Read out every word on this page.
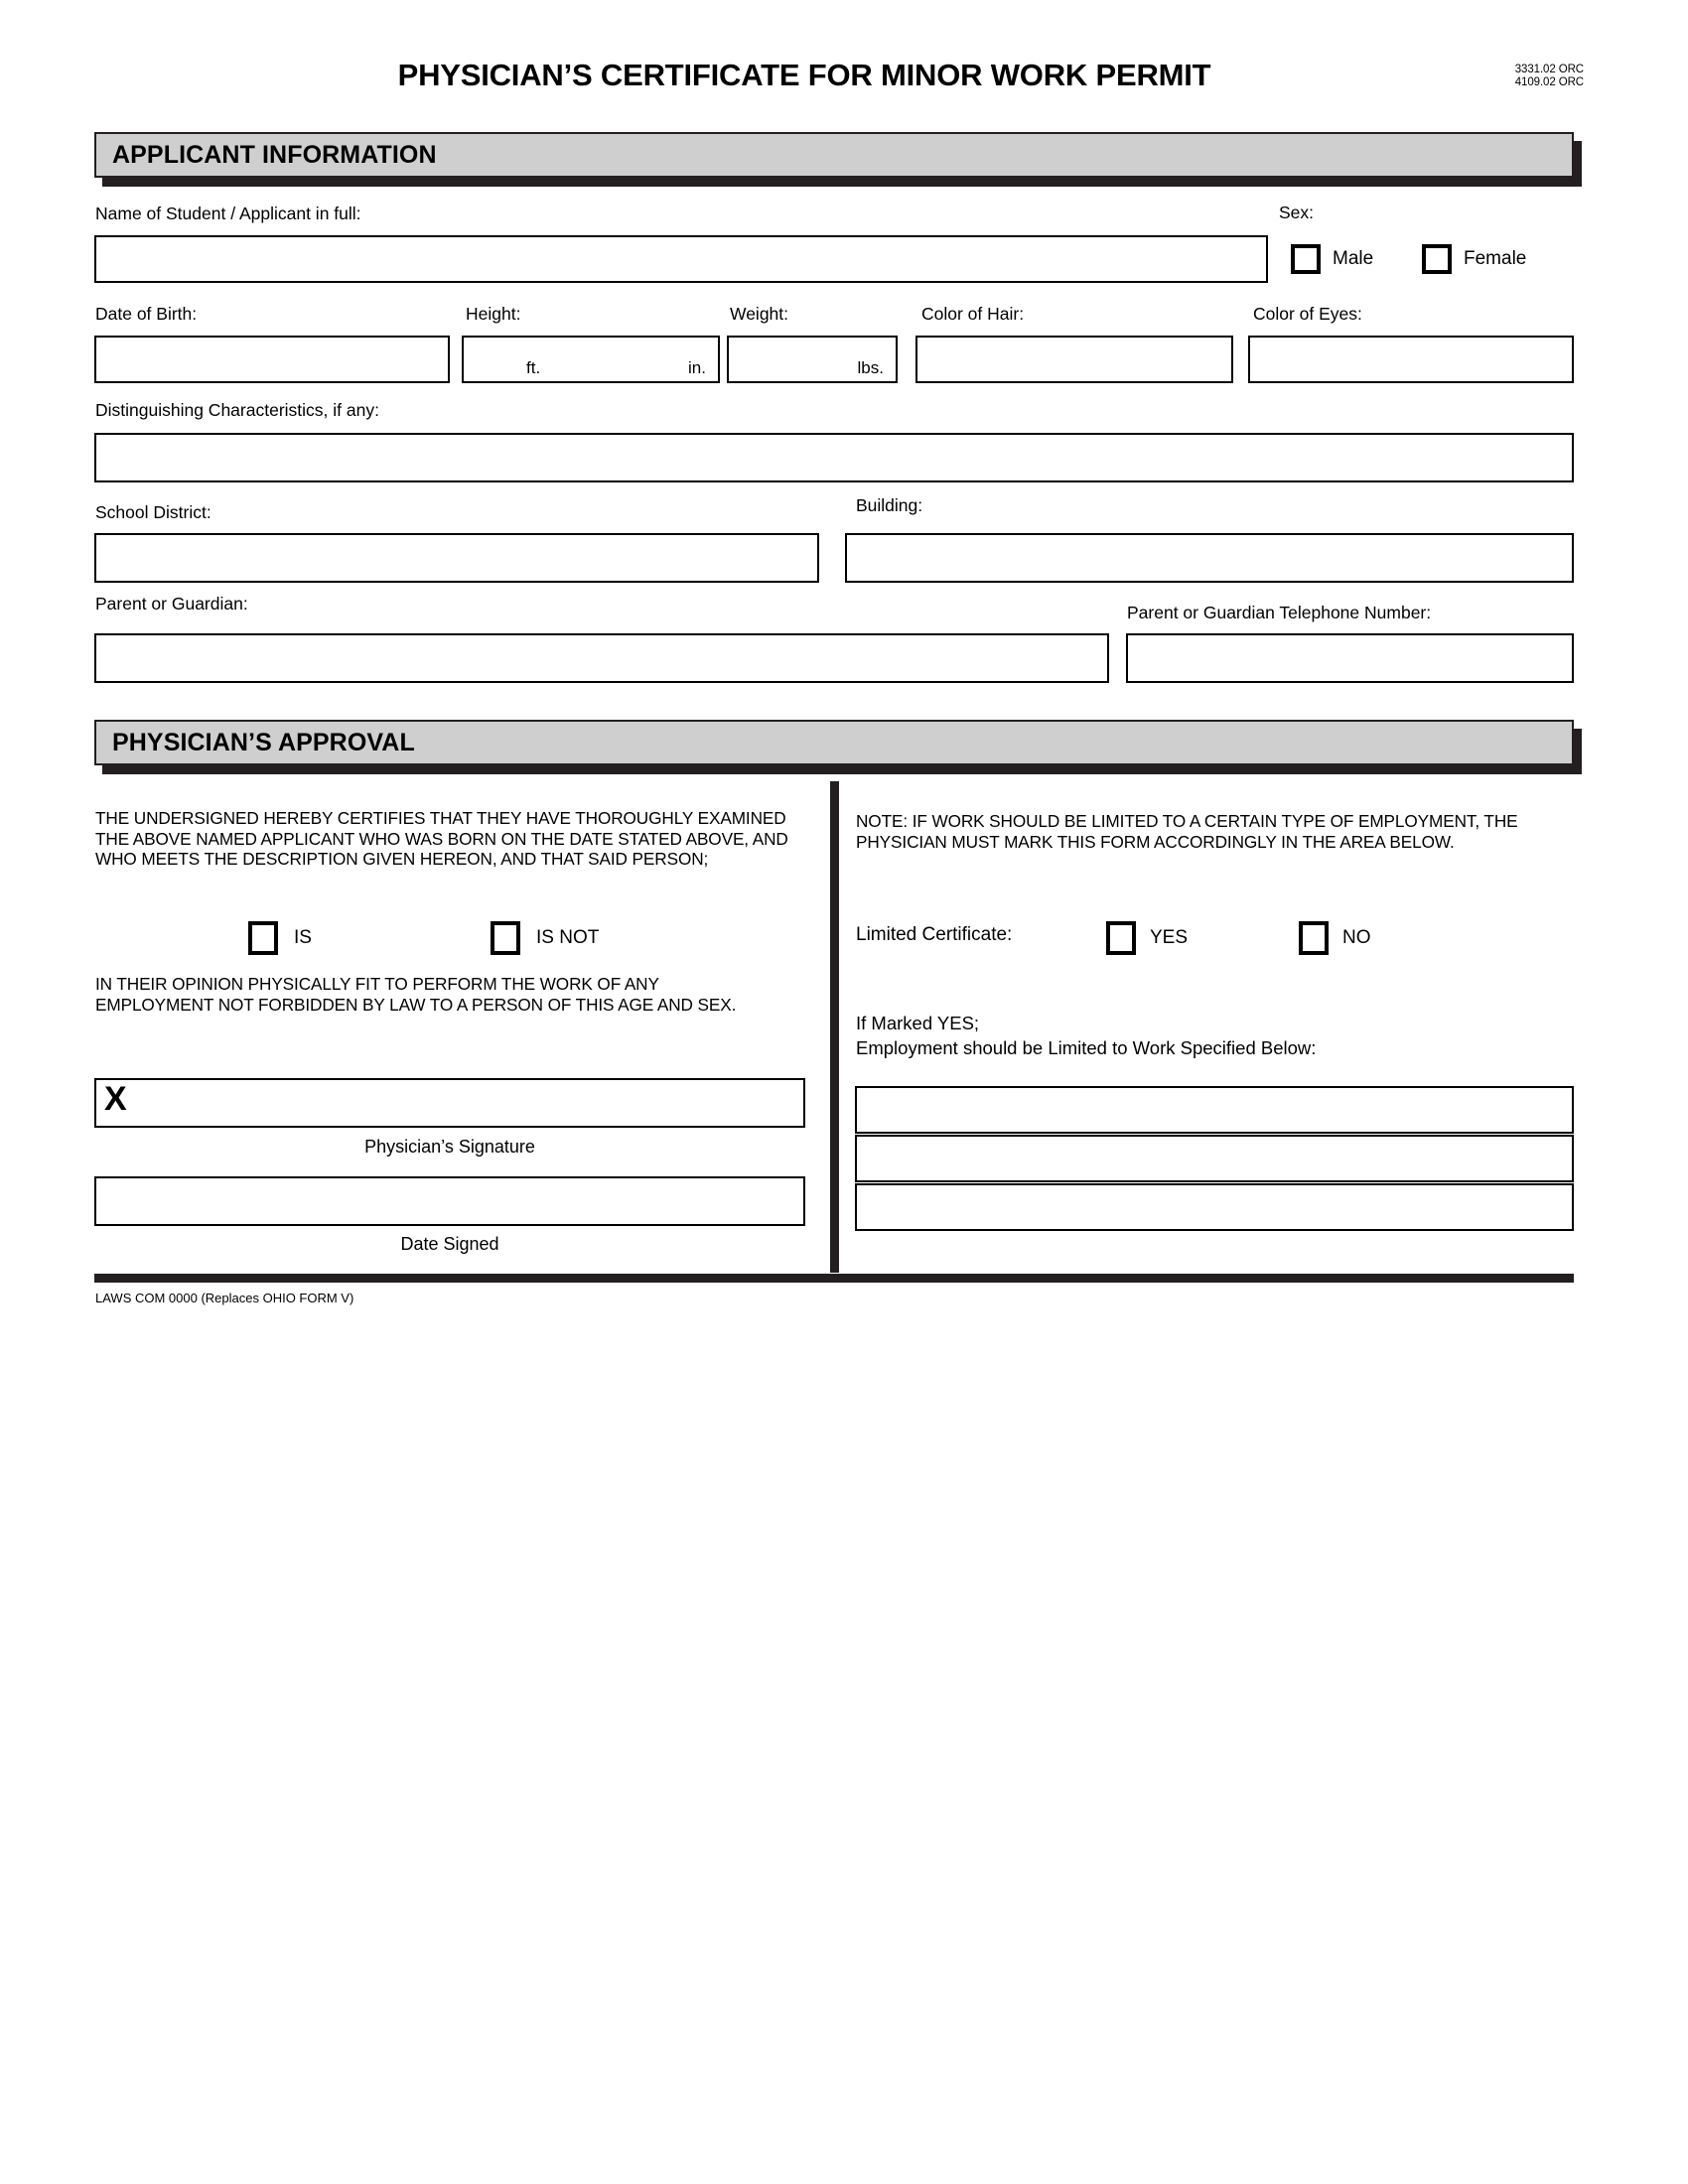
PHYSICIAN’S CERTIFICATE FOR MINOR WORK PERMIT	3331.02 ORC
4109.02 ORC
APPLICANT INFORMATION
Name of Student / Applicant in full:	Sex:
Male	Female
Date of Birth:	Height:
ft.	in.
Weight:
lbs.
Color of Hair:	Color of Eyes:
Distinguishing Characteristics, if any:
School District:	Building:
Parent or Guardian:	Parent or Guardian Telephone Number:
PHYSICIAN’S APPROVAL
THE UNDERSIGNED HEREBY CERTIFIES THAT THEY HAVE THOROUGHLY EXAMINED THE ABOVE NAMED APPLICANT WHO WAS BORN ON THE DATE STATED ABOVE, AND WHO MEETS THE DESCRIPTION GIVEN HEREON, AND THAT SAID PERSON;
IS	IS NOT
IN THEIR OPINION PHYSICALLY FIT TO PERFORM THE WORK OF ANY EMPLOYMENT NOT FORBIDDEN BY LAW TO A PERSON OF THIS AGE AND SEX.
X
Physician’s Signature
Date Signed
NOTE: IF WORK SHOULD BE LIMITED TO A CERTAIN TYPE OF EMPLOYMENT, THE PHYSICIAN MUST MARK THIS FORM ACCORDINGLY IN THE AREA BELOW.
Limited Certificate:	YES	NO
If Marked YES;
Employment should be Limited to Work Specified Below:
LAWS COM 0000 (Replaces OHIO FORM V)
